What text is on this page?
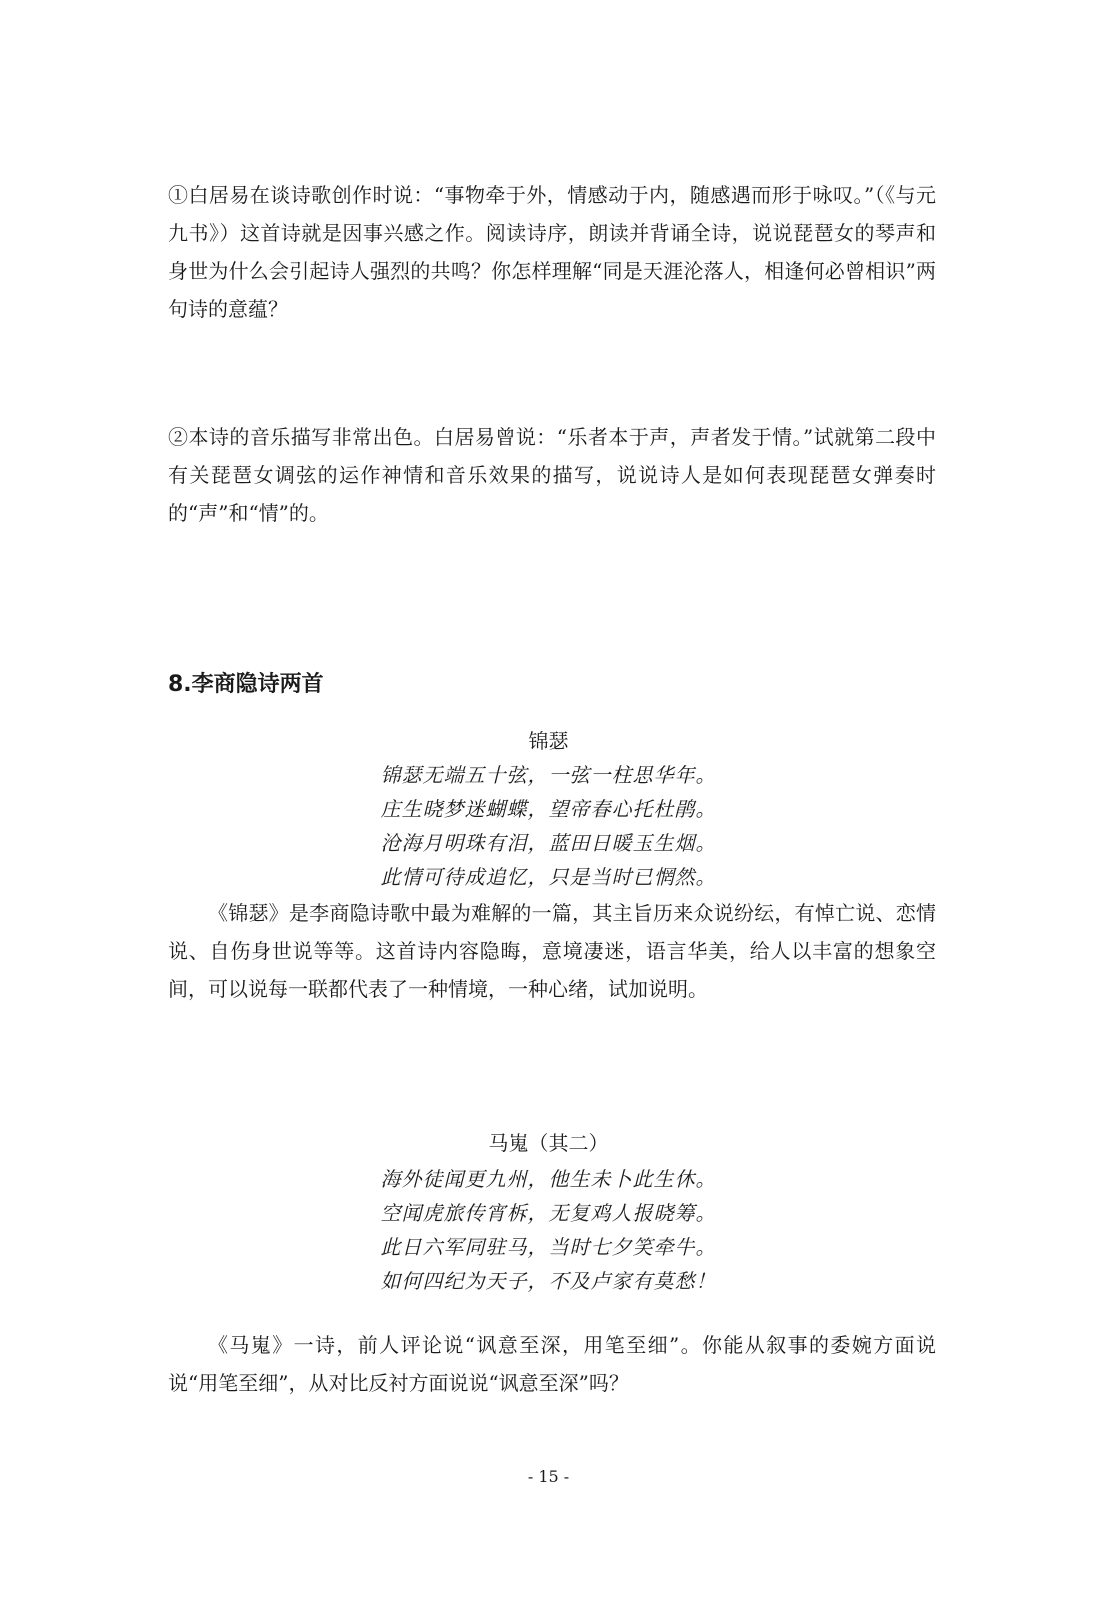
①白居易在谈诗歌创作时说：“事物牵于外，情感动于内，随感遇而形于咏叹。”（《与元九书》）这首诗就是因事兴感之作。阅读诗序，朗读并背诵全诗，说说琵琶女的琴声和身世为什么会引起诗人强烈的共鸣？你怎样理解“同是天涯沦落人，相逢何必曾相识”两句诗的意蕴？

②本诗的音乐描写非常出色。白居易曾说：“乐者本于声，声者发于情。”试就第二段中有关琵琶女调弦的运作神情和音乐效果的描写，说说诗人是如何表现琵琶女弹奏时的“声”和“情”的。

8.李商隐诗两首

锦瑟

锦瑟无端五十弦，一弦一柱思华年。
庄生晓梦迷蝴蝶，望帝春心托杜鹃。
沧海月明珠有泪，蓝田日暖玉生烟。
此情可待成追忆，只是当时已惘然。

《锦瑟》是李商隐诗歌中最为难解的一篇，其主旨历来众说纷纭，有悼亡说、恋情说、自伤身世说等等。这首诗内容隐晦，意境凄迷，语言华美，给人以丰富的想象空间，可以说每一联都代表了一种情境，一种心绪，试加说明。

马嵬（其二）

海外徒闻更九州，他生未卜此生休。
空闻虎旅传宵柝，无复鸡人报晓筹。
此日六军同驻马，当时七夕笑牵牛。
如何四纪为天子，不及卢家有莫愁！

《马嵬》一诗，前人评论说“讽意至深，用笔至细”。你能从叙事的委婉方面说说“用笔至细”，从对比反衬方面说说“讽意至深”吗？

- 15 -
